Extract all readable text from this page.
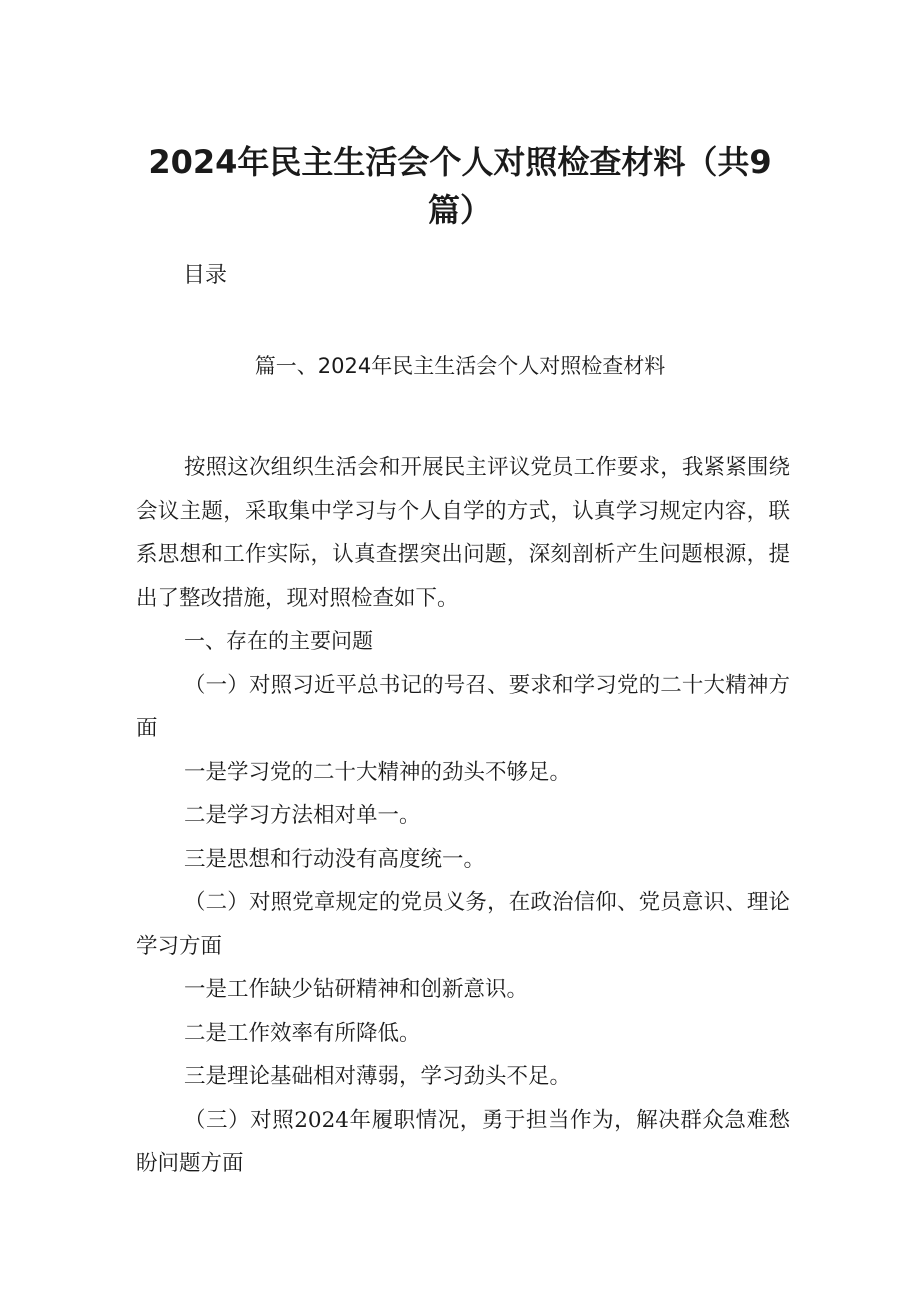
2024年民主生活会个人对照检查材料（共9
篇）
目录
篇一、2024年民主生活会个人对照检查材料

按照这次组织生活会和开展民主评议党员工作要求，我紧紧围绕会议主题，采取集中学习与个人自学的方式，认真学习规定内容，联系思想和工作实际，认真查摆突出问题，深刻剖析产生问题根源，提出了整改措施，现对照检查如下。

一、存在的主要问题

（一）对照习近平总书记的号召、要求和学习党的二十大精神方面

一是学习党的二十大精神的劲头不够足。

二是学习方法相对单一。

三是思想和行动没有高度统一。

（二）对照党章规定的党员义务，在政治信仰、党员意识、理论学习方面

一是工作缺少钻研精神和创新意识。

二是工作效率有所降低。

三是理论基础相对薄弱，学习劲头不足。

（三）对照2024年履职情况，勇于担当作为，解决群众急难愁盼问题方面
